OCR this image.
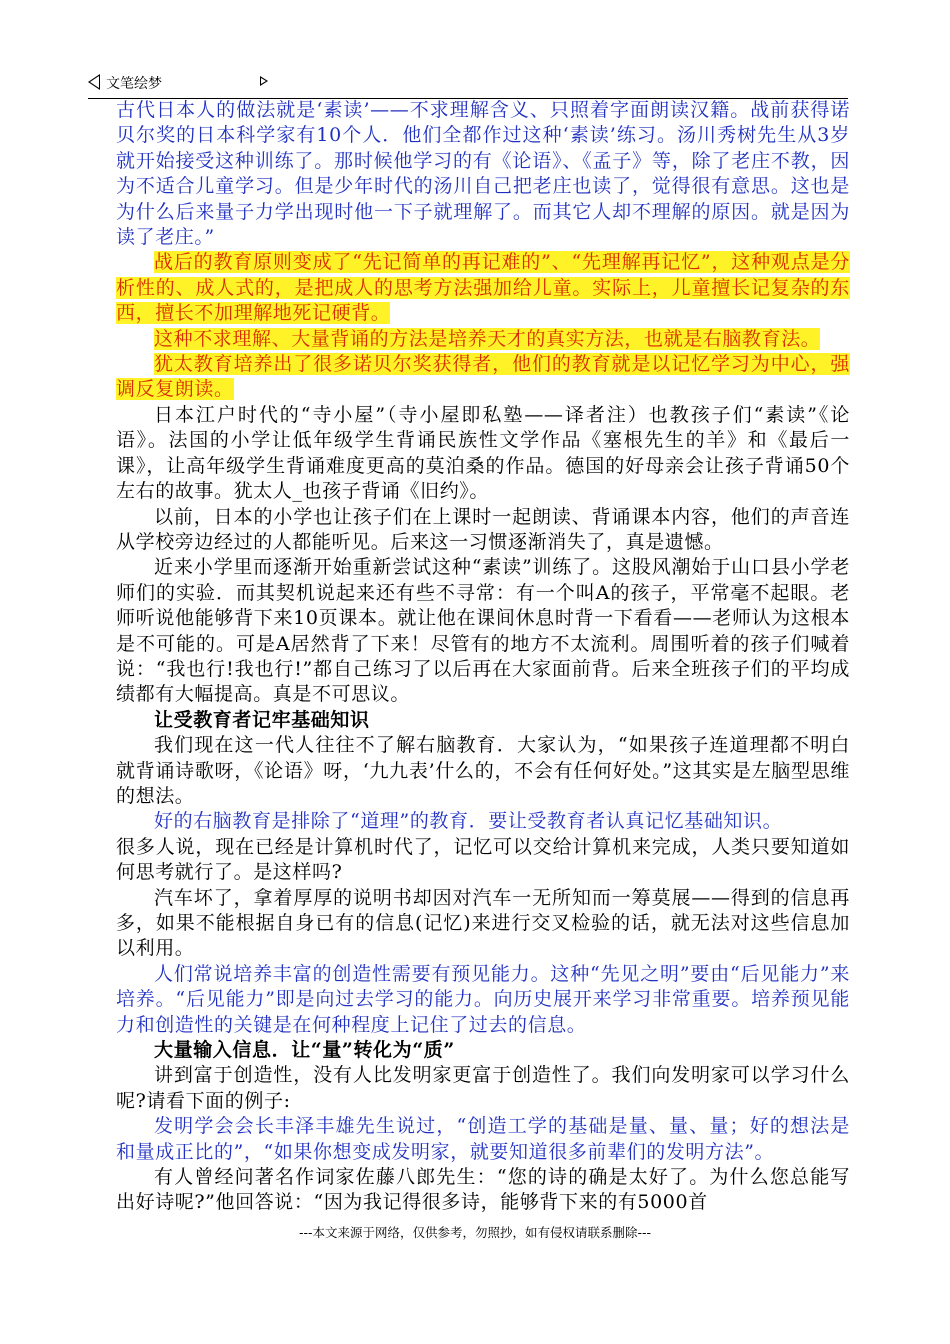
文笔绘梦

古代日本人的做法就是‘素读’——不求理解含义、只照着字面朗读汉籍。战前获得诺贝尔奖的日本科学家有10个人．他们全都作过这种‘素读’练习。汤川秀树先生从3岁就开始接受这种训练了。那时候他学习的有《论语》、《孟子》等，除了老庄不教，因为不适合儿童学习。但是少年时代的汤川自己把老庄也读了，觉得很有意思。这也是为什么后来量子力学出现时他一下子就理解了。而其它人却不理解的原因。就是因为读了老庄。”

战后的教育原则变成了“先记简单的再记难的”、“先理解再记忆”，这种观点是分析性的、成人式的，是把成人的思考方法强加给儿童。实际上，儿童擅长记复杂的东西，擅长不加理解地死记硬背。

这种不求理解、大量背诵的方法是培养天才的真实方法，也就是右脑教育法。

犹太教育培养出了很多诺贝尔奖获得者，他们的教育就是以记忆学习为中心，强调反复朗读。

日本江户时代的“寺小屋”（寺小屋即私塾——译者注）也教孩子们“素读”《论语》。法国的小学让低年级学生背诵民族性文学作品《塞根先生的羊》和《最后一课》，让高年级学生背诵难度更高的莫泊桑的作品。德国的好母亲会让孩子背诵50个左右的故事。犹太人_也孩子背诵《旧约》。

以前，日本的小学也让孩子们在上课时一起朗读、背诵课本内容，他们的声音连从学校旁边经过的人都能听见。后来这一习惯逐渐消失了，真是遗憾。

近来小学里而逐渐开始重新尝试这种“素读”训练了。这股风潮始于山口县小学老师们的实验．而其契机说起来还有些不寻常：有一个叫A的孩子，平常毫不起眼。老师听说他能够背下来10页课本。就让他在课间休息时背一下看看——老师认为这根本是不可能的。可是A居然背了下来！尽管有的地方不太流利。周围听着的孩子们喊着说：“我也行!我也行!”都自己练习了以后再在大家面前背。后来全班孩子们的平均成绩都有大幅提高。真是不可思议。

让受教育者记牢基础知识

我们现在这一代人往往不了解右脑教育．大家认为，“如果孩子连道理都不明白就背诵诗歌呀，《论语》呀，‘九九表’什么的，不会有任何好处。”这其实是左脑型思维的想法。

好的右脑教育是排除了“道理”的教育．要让受教育者认真记忆基础知识。

很多人说，现在已经是计算机时代了，记忆可以交给计算机来完成，人类只要知道如何思考就行了。是这样吗?

汽车坏了，拿着厚厚的说明书却因对汽车一无所知而一筹莫展——得到的信息再多，如果不能根据自身已有的信息(记忆)来进行交叉检验的话，就无法对这些信息加以利用。

人们常说培养丰富的创造性需要有预见能力。这种“先见之明”要由“后见能力”来培养。“后见能力”即是向过去学习的能力。向历史展开来学习非常重要。培养预见能力和创造性的关键是在何种程度上记住了过去的信息。

大量输入信息．让“量”转化为“质”

讲到富于创造性，没有人比发明家更富于创造性了。我们向发明家可以学习什么呢?请看下面的例子:

发明学会会长丰泽丰雄先生说过，“创造工学的基础是量、量、量；好的想法是和量成正比的”，“如果你想变成发明家，就要知道很多前辈们的发明方法”。

有人曾经问著名作词家佐藤八郎先生：“您的诗的确是太好了。为什么您总能写出好诗呢?”他回答说：“因为我记得很多诗，能够背下来的有5000首

---本文来源于网络，仅供参考，勿照抄，如有侵权请联系删除---
